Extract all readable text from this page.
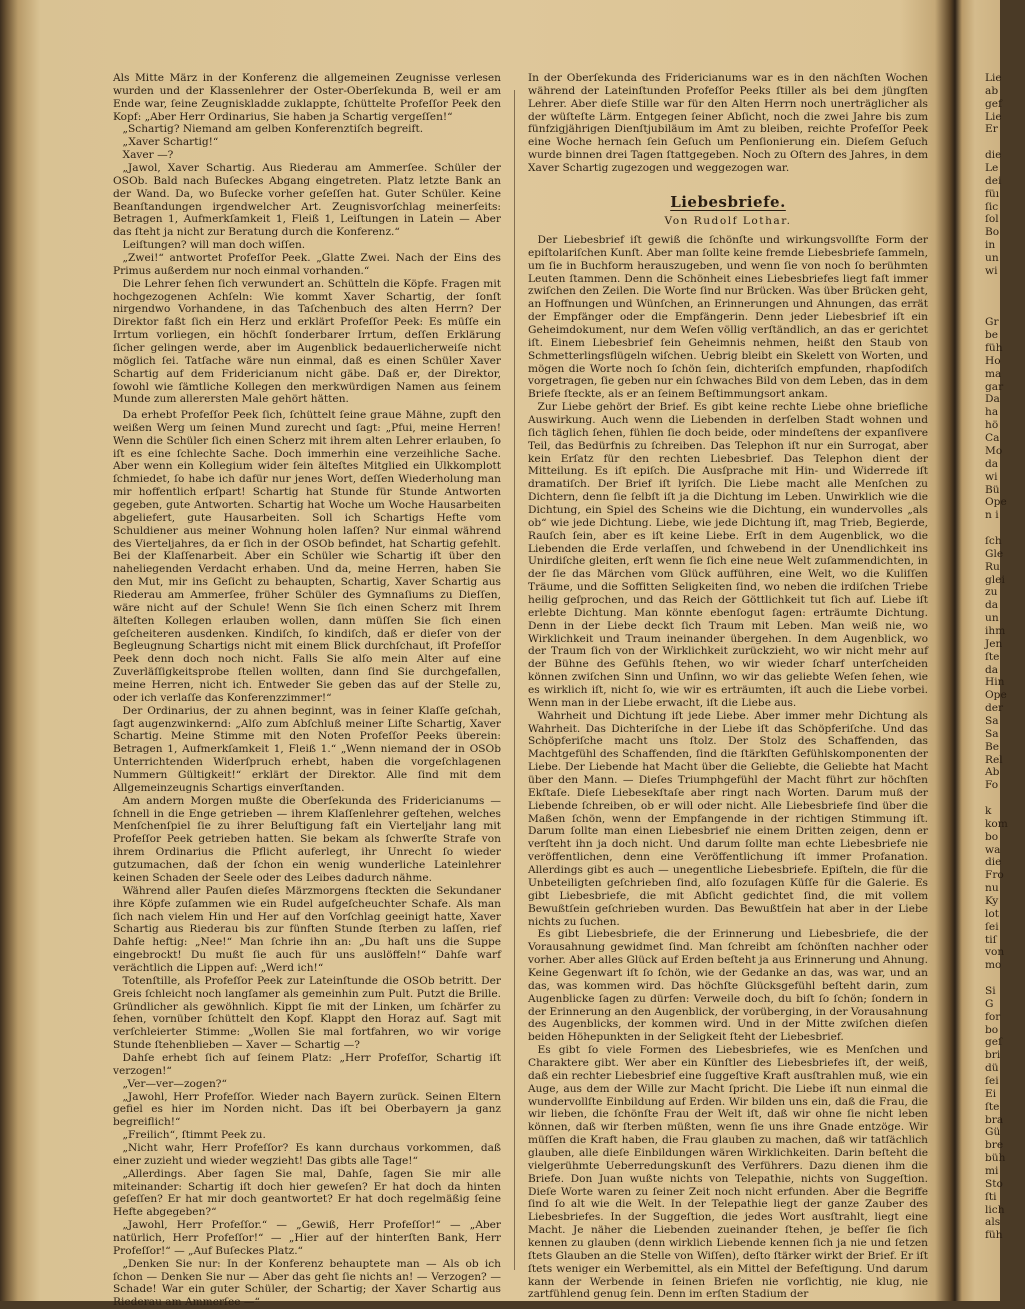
Als Mitte März in der Konferenz die allgemeinen Zeugnisse verlesen wurden und der Klassenlehrer der Oster-Oberſekunda B, weil er am Ende war, ſeine Zeugniskladde zuklappte, ſchüttelte Profeſſor Peek den Kopf: „Aber Herr Ordinarius, Sie haben ja Schartig vergeſſen!“

„Schartig? Niemand am gelben Konferenztiſch begreift.

„Xaver Schartig!“

Xaver —?

„Jawol, Xaver Schartig. Aus Riederau am Ammerſee. Schüler der OSOb. Bald nach Buſeckes Abgang eingetreten. Platz letzte Bank an der Wand. Da, wo Buſecke vorher geſeſſen hat. Guter Schüler. Keine Beanſtandungen irgendwelcher Art. Zeugnisvorſchlag meinerſeits: Betragen 1, Aufmerkſamkeit 1, Fleiß 1, Leiſtungen in Latein — Aber das ſteht ja nicht zur Beratung durch die Konferenz.“

Leiſtungen? will man doch wiſſen.

„Zwei!“ antwortet Profeſſor Peek. „Glatte Zwei. Nach der Eins des Primus außerdem nur noch einmal vorhanden.“

Die Lehrer ſehen ſich verwundert an. Schütteln die Köpfe. Fragen mit hochgezogenen Achſeln: Wie kommt Xaver Schartig, der ſonſt nirgendwo Vorhandene, in das Taſchenbuch des alten Herrn? Der Direktor faßt ſich ein Herz und erklärt Profeſſor Peek: Es müſſe ein Irrtum vorliegen, ein höchſt ſonderbarer Irrtum, deſſen Erklärung ſicher gelingen werde, aber im Augenblick bedauerlicherweiſe nicht möglich ſei. Tatſache wäre nun einmal, daß es einen Schüler Xaver Schartig auf dem Fridericianum nicht gäbe. Daß er, der Direktor, ſowohl wie ſämtliche Kollegen den merkwürdigen Namen aus ſeinem Munde zum allerersten Male gehört hätten.

Da erhebt Profeſſor Peek ſich, ſchüttelt ſeine graue Mähne, zupft den weißen Werg um ſeinen Mund zurecht und ſagt: „Pfui, meine Herren! Wenn die Schüler ſich einen Scherz mit ihrem alten Lehrer erlauben, ſo iſt es eine ſchlechte Sache. Doch immerhin eine verzeihliche Sache. Aber wenn ein Kollegium wider ſein älteſtes Mitglied ein Ulkkomplott ſchmiedet, ſo habe ich dafür nur jenes Wort, deſſen Wiederholung man mir hoffentlich erſpart! Schartig hat Stunde für Stunde Antworten gegeben, gute Antworten. Schartig hat Woche um Woche Hausarbeiten abgeliefert, gute Hausarbeiten. Soll ich Schartigs Hefte vom Schuldiener aus meiner Wohnung holen laſſen? Nur einmal während des Vierteljahres, da er ſich in der OSOb befindet, hat Schartig gefehlt. Bei der Klaſſenarbeit. Aber ein Schüler wie Schartig iſt über den naheliegenden Verdacht erhaben. Und da, meine Herren, haben Sie den Mut, mir ins Geſicht zu behaupten, Schartig, Xaver Schartig aus Riederau am Ammerſee, früher Schüler des Gymnaſiums zu Dieſſen, wäre nicht auf der Schule! Wenn Sie ſich einen Scherz mit Ihrem älteſten Kollegen erlauben wollen, dann müſſen Sie ſich einen geſcheiteren ausdenken. Kindiſch, ſo kindiſch, daß er dieſer von der Begleugnung Schartigs nicht mit einem Blick durchſchaut, iſt Profeſſor Peek denn doch noch nicht. Falls Sie alſo mein Alter auf eine Zuverläſſigkeitsprobe ſtellen wollten, dann ſind Sie durchgefallen, meine Herren, nicht ich. Entweder Sie geben das auf der Stelle zu, oder ich verlaſſe das Konferenzzimmer!“

Der Ordinarius, der zu ahnen beginnt, was in ſeiner Klaſſe geſchah, ſagt augenzwinkernd: „Alſo zum Abſchluß meiner Liſte Schartig, Xaver Schartig. Meine Stimme mit den Noten Profeſſor Peeks überein: Betragen 1, Aufmerkſamkeit 1, Fleiß 1.“ „Wenn niemand der in OSOb Unterrichtenden Widerſpruch erhebt, haben die vorgeſchlagenen Nummern Gültigkeit!“ erklärt der Direktor. Alle ſind mit dem Allgemeinzeugnis Schartigs einverſtanden.

Am andern Morgen mußte die Oberſekunda des Fridericianums — ſchnell in die Enge getrieben — ihrem Klaſſenlehrer geſtehen, welches Menſchenſpiel ſie zu ihrer Beluſtigung faſt ein Vierteljahr lang mit Profeſſor Peek getrieben hatten. Sie bekam als ſchwerſte Strafe von ihrem Ordinarius die Pflicht auferlegt, ihr Unrecht ſo wieder gutzumachen, daß der ſchon ein wenig wunderliche Lateinlehrer keinen Schaden der Seele oder des Leibes dadurch nähme.

Während aller Pauſen dieſes Märzmorgens ſteckten die Sekundaner ihre Köpfe zuſammen wie ein Rudel aufgeſcheuchter Schafe. Als man ſich nach vielem Hin und Her auf den Vorſchlag geeinigt hatte, Xaver Schartig aus Riederau bis zur fünften Stunde ſterben zu laſſen, rief Dahſe heftig: „Nee!“ Man ſchrie ihn an: „Du haſt uns die Suppe eingebrockt! Du mußt ſie auch für uns auslöffeln!“ Dahſe warf verächtlich die Lippen auf: „Werd ich!“

Totenſtille, als Profeſſor Peek zur Lateinſtunde die OSOb betritt. Der Greis ſchleicht noch langſamer als gemeinhin zum Pult. Putzt die Brille. Gründlicher als gewöhnlich. Kippt ſie mit der Linken, um ſchärfer zu ſehen, vornüber ſchüttelt den Kopf. Klappt den Horaz auf. Sagt mit verſchleierter Stimme: „Wollen Sie mal fortfahren, wo wir vorige Stunde ſtehenblieben — Xaver — Schartig —?

Dahſe erhebt ſich auf ſeinem Platz: „Herr Profeſſor, Schartig iſt verzogen!“

„Ver—ver—zogen?“

„Jawohl, Herr Profeſſor. Wieder nach Bayern zurück. Seinen Eltern gefiel es hier im Norden nicht. Das iſt bei Oberbayern ja ganz begreiflich!“

„Freilich“, ſtimmt Peek zu.

„Nicht wahr, Herr Profeſſor? Es kann durchaus vorkommen, daß einer zuzieht und wieder wegzieht! Das gibts alle Tage!“

„Allerdings. Aber ſagen Sie mal, Dahſe, ſagen Sie mir alle miteinander: Schartig iſt doch hier geweſen? Er hat doch da hinten geſeſſen? Er hat mir doch geantwortet? Er hat doch regelmäßig ſeine Hefte abgegeben?“

„Jawohl, Herr Profeſſor.“ — „Gewiß, Herr Profeſſor!“ — „Aber natürlich, Herr Profeſſor!“ — „Hier auf der hinterſten Bank, Herr Profeſſor!“ — „Auf Buſeckes Platz.“

„Denken Sie nur: In der Konferenz behauptete man — Als ob ich ſchon — Denken Sie nur — Aber das geht ſie nichts an! — Verzogen? — Schade! War ein guter Schüler, der Schartig; der Xaver Schartig aus Riederau am Ammerſee —“

In der Oberſekunda des Fridericianums war es in den nächſten Wochen während der Lateinſtunden Profeſſor Peeks ſtiller als bei dem jüngſten Lehrer. Aber dieſe Stille war für den Alten Herrn noch unerträglicher als der wüſteſte Lärm. Entgegen ſeiner Abſicht, noch die zwei Jahre bis zum fünfzigjährigen Dienſtjubiläum im Amt zu bleiben, reichte Profeſſor Peek eine Woche hernach ſein Geſuch um Penſionierung ein. Dieſem Geſuch wurde binnen drei Tagen ſtattgegeben. Noch zu Oſtern des Jahres, in dem Xaver Schartig zugezogen und weggezogen war.

Liebesbriefe.

Von Rudolf Lothar.

Der Liebesbrief iſt gewiß die ſchönſte und wirkungsvollſte Form der epiſtolariſchen Kunſt. Aber man ſollte keine fremde Liebesbriefe ſammeln, um ſie in Buchform herauszugeben, und wenn ſie von noch ſo berühmten Leuten ſtammen. Denn die Schönheit eines Liebesbriefes liegt faſt immer zwiſchen den Zeilen. Die Worte ſind nur Brücken. Was über Brücken geht, an Hoffnungen und Wünſchen, an Erinnerungen und Ahnungen, das errät der Empfänger oder die Empfängerin. Denn jeder Liebesbrief iſt ein Geheimdokument, nur dem Weſen völlig verſtändlich, an das er gerichtet iſt. Einem Liebesbrief ſein Geheimnis nehmen, heißt den Staub von Schmetterlingsflügeln wiſchen. Uebrig bleibt ein Skelett von Worten, und mögen die Worte noch ſo ſchön ſein, dichteriſch empfunden, rhapſodiſch vorgetragen, ſie geben nur ein ſchwaches Bild von dem Leben, das in dem Briefe ſteckte, als er an ſeinem Beſtimmungsort ankam.

Zur Liebe gehört der Brief. Es gibt keine rechte Liebe ohne briefliche Auswirkung. Auch wenn die Liebenden in derſelben Stadt wohnen und ſich täglich ſehen, fühlen ſie doch beide, oder mindeſtens der expanſivere Teil, das Bedürfnis zu ſchreiben. Das Telephon iſt nur ein Surrogat, aber kein Erſatz für den rechten Liebesbrief. Das Telephon dient der Mitteilung. Es iſt epiſch. Die Ausſprache mit Hin- und Widerrede iſt dramatiſch. Der Brief iſt lyriſch. Die Liebe macht alle Menſchen zu Dichtern, denn ſie ſelbſt iſt ja die Dichtung im Leben. Unwirklich wie die Dichtung, ein Spiel des Scheins wie die Dichtung, ein wundervolles „als ob“ wie jede Dichtung. Liebe, wie jede Dichtung iſt, mag Trieb, Begierde, Rauſch ſein, aber es iſt keine Liebe. Erſt in dem Augenblick, wo die Liebenden die Erde verlaſſen, und ſchwebend in der Unendlichkeit ins Unirdiſche gleiten, erſt wenn ſie ſich eine neue Welt zuſammendichten, in der ſie das Märchen vom Glück aufführen, eine Welt, wo die Kuliſſen Träume, und die Soffitten Seligkeiten ſind, wo neben die irdiſchen Triebe heilig geſprochen, und das Reich der Göttlichkeit tut ſich auf. Liebe iſt erlebte Dichtung. Man könnte ebenſogut ſagen: erträumte Dichtung. Denn in der Liebe deckt ſich Traum mit Leben. Man weiß nie, wo Wirklichkeit und Traum ineinander übergehen. In dem Augenblick, wo der Traum ſich von der Wirklichkeit zurückzieht, wo wir nicht mehr auf der Bühne des Gefühls ſtehen, wo wir wieder ſcharf unterſcheiden können zwiſchen Sinn und Unſinn, wo wir das geliebte Weſen ſehen, wie es wirklich iſt, nicht ſo, wie wir es erträumten, iſt auch die Liebe vorbei. Wenn man in der Liebe erwacht, iſt die Liebe aus.

Wahrheit und Dichtung iſt jede Liebe. Aber immer mehr Dichtung als Wahrheit. Das Dichteriſche in der Liebe iſt das Schöpferiſche. Und das Schöpferiſche macht uns ſtolz. Der Stolz des Schaffenden, das Machtgefühl des Schaffenden, ſind die ſtärkſten Gefühlskomponenten der Liebe. Der Liebende hat Macht über die Geliebte, die Geliebte hat Macht über den Mann. — Dieſes Triumphgefühl der Macht führt zur höchſten Ekſtaſe. Dieſe Liebesekſtaſe aber ringt nach Worten. Darum muß der Liebende ſchreiben, ob er will oder nicht. Alle Liebesbriefe ſind über die Maßen ſchön, wenn der Empfangende in der richtigen Stimmung iſt. Darum ſollte man einen Liebesbrief nie einem Dritten zeigen, denn er verſteht ihn ja doch nicht. Und darum ſollte man echte Liebesbriefe nie veröffentlichen, denn eine Veröffentlichung iſt immer Profanation. Allerdings gibt es auch — unegentliche Liebesbriefe. Epiſteln, die für die Unbeteiligten geſchrieben ſind, alſo ſozuſagen Küſſe für die Galerie. Es gibt Liebesbriefe, die mit Abſicht gedichtet ſind, die mit vollem Bewußtſein geſchrieben wurden. Das Bewußtſein hat aber in der Liebe nichts zu ſuchen.

Es gibt Liebesbriefe, die der Erinnerung und Liebesbriefe, die der Vorausahnung gewidmet ſind. Man ſchreibt am ſchönſten nachher oder vorher. Aber alles Glück auf Erden beſteht ja aus Erinnerung und Ahnung. Keine Gegenwart iſt ſo ſchön, wie der Gedanke an das, was war, und an das, was kommen wird. Das höchſte Glücksgefühl beſteht darin, zum Augenblicke ſagen zu dürfen: Verweile doch, du biſt ſo ſchön; ſondern in der Erinnerung an den Augenblick, der vorüberging, in der Vorausahnung des Augenblicks, der kommen wird. Und in der Mitte zwiſchen dieſen beiden Höhepunkten in der Seligkeit ſteht der Liebesbrief.

Es gibt ſo viele Formen des Liebesbriefes, wie es Menſchen und Charaktere gibt. Wer aber ein Künſtler des Liebesbriefes iſt, der weiß, daß ein rechter Liebesbrief eine ſuggeſtive Kraft ausſtrahlen muß, wie ein Auge, aus dem der Wille zur Macht ſpricht. Die Liebe iſt nun einmal die wundervollſte Einbildung auf Erden. Wir bilden uns ein, daß die Frau, die wir lieben, die ſchönſte Frau der Welt iſt, daß wir ohne ſie nicht leben können, daß wir ſterben müßten, wenn ſie uns ihre Gnade entzöge. Wir müſſen die Kraft haben, die Frau glauben zu machen, daß wir tatſächlich glauben, alle dieſe Einbildungen wären Wirklichkeiten. Darin beſteht die vielgerühmte Ueberredungskunſt des Verführers. Dazu dienen ihm die Briefe. Don Juan wußte nichts von Telepathie, nichts von Suggeſtion. Dieſe Worte waren zu ſeiner Zeit noch nicht erfunden. Aber die Begriffe ſind ſo alt wie die Welt. In der Telepathie liegt der ganze Zauber des Liebesbriefes. In der Suggeſtion, die jedes Wort ausſtrahlt, liegt eine Macht. Je näher die Liebenden zueinander ſtehen, je beſſer ſie ſich kennen zu glauben (denn wirklich Liebende kennen ſich ja nie und ſetzen ſtets Glauben an die Stelle von Wiſſen), deſto ſtärker wirkt der Brief. Er iſt ſtets weniger ein Werbemittel, als ein Mittel der Befeſtigung. Und darum kann der Werbende in ſeinen Briefen nie vorſichtig, nie klug, nie zartfühlend genug ſein. Denn im erſten Stadium der

Lie
ab
gef
Lie
Er

die
Le
dei
füı
ſic
ſol
Bo
in
un
wi

Gr
be
füh
Ho
ma
gar
Da
ha
hö
Ca
Mo
da
wi
Bü
Ope
n i

ſch
Gle
Ru
glei
zu
da
un
ihm
Jen
ſte
da
Hin
Ope
der
Sa
Sa
Be
Rel
Ab
Fo

k
kom
bo
wa
die
Fro
nu
Ky
lot
ſei
tiſ
von
mo

Si
G
for
bo
geſ
bri
dü
ſei
Ei
ſte
bra
Gü
bre
büh
mi
Sto
ſti
lich
als
füh
